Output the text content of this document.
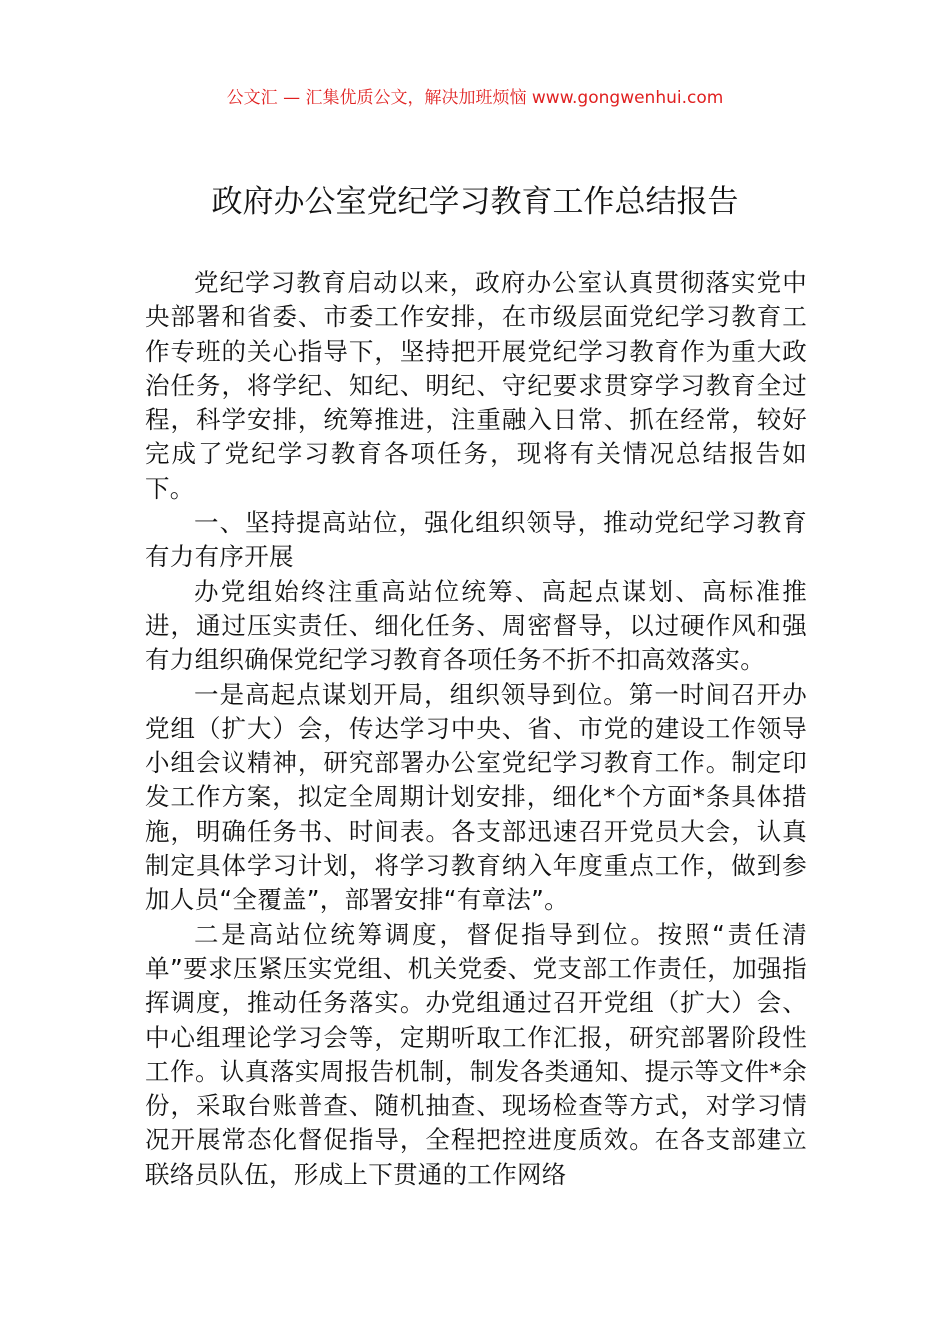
公文汇 — 汇集优质公文，解决加班烦恼 www.gongwenhui.com
政府办公室党纪学习教育工作总结报告

党纪学习教育启动以来，政府办公室认真贯彻落实党中央部署和省委、市委工作安排，在市级层面党纪学习教育工作专班的关心指导下，坚持把开展党纪学习教育作为重大政治任务，将学纪、知纪、明纪、守纪要求贯穿学习教育全过程，科学安排，统筹推进，注重融入日常、抓在经常，较好完成了党纪学习教育各项任务，现将有关情况总结报告如下。

一、坚持提高站位，强化组织领导，推动党纪学习教育有力有序开展

办党组始终注重高站位统筹、高起点谋划、高标准推进，通过压实责任、细化任务、周密督导，以过硬作风和强有力组织确保党纪学习教育各项任务不折不扣高效落实。

一是高起点谋划开局，组织领导到位。第一时间召开办党组（扩大）会，传达学习中央、省、市党的建设工作领导小组会议精神，研究部署办公室党纪学习教育工作。制定印发工作方案，拟定全周期计划安排，细化*个方面*条具体措施，明确任务书、时间表。各支部迅速召开党员大会，认真制定具体学习计划，将学习教育纳入年度重点工作，做到参加人员“全覆盖”，部署安排“有章法”。

二是高站位统筹调度，督促指导到位。按照“责任清单”要求压紧压实党组、机关党委、党支部工作责任，加强指挥调度，推动任务落实。办党组通过召开党组（扩大）会、中心组理论学习会等，定期听取工作汇报，研究部署阶段性工作。认真落实周报告机制，制发各类通知、提示等文件*余份，采取台账普查、随机抽查、现场检查等方式，对学习情况开展常态化督促指导，全程把控进度质效。在各支部建立联络员队伍，形成上下贯通的工作网络
